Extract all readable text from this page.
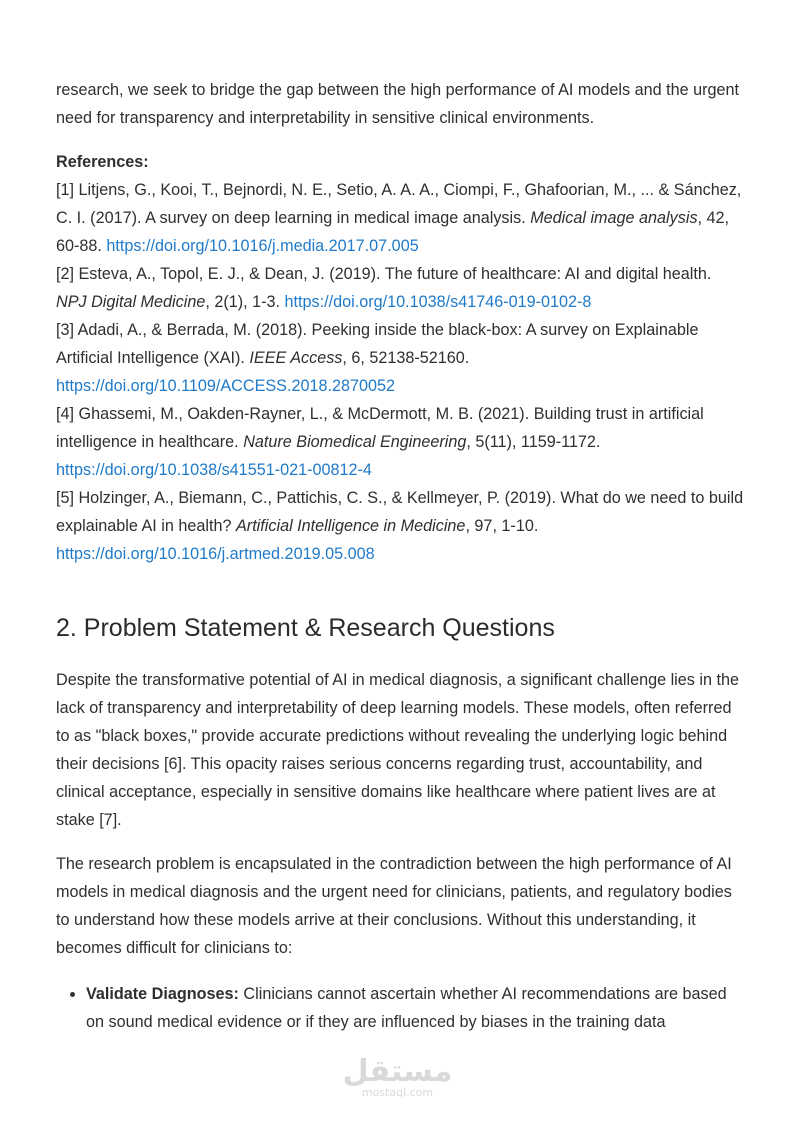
research, we seek to bridge the gap between the high performance of AI models and the urgent need for transparency and interpretability in sensitive clinical environments.

References:

[1] Litjens, G., Kooi, T., Bejnordi, N. E., Setio, A. A. A., Ciompi, F., Ghafoorian, M., ... & Sánchez, C. I. (2017). A survey on deep learning in medical image analysis. Medical image analysis, 42, 60-88. https://doi.org/10.1016/j.media.2017.07.005

[2] Esteva, A., Topol, E. J., & Dean, J. (2019). The future of healthcare: AI and digital health. NPJ Digital Medicine, 2(1), 1-3. https://doi.org/10.1038/s41746-019-0102-8

[3] Adadi, A., & Berrada, M. (2018). Peeking inside the black-box: A survey on Explainable Artificial Intelligence (XAI). IEEE Access, 6, 52138-52160.
https://doi.org/10.1109/ACCESS.2018.2870052

[4] Ghassemi, M., Oakden-Rayner, L., & McDermott, M. B. (2021). Building trust in artificial intelligence in healthcare. Nature Biomedical Engineering, 5(11), 1159-1172.
https://doi.org/10.1038/s41551-021-00812-4

[5] Holzinger, A., Biemann, C., Pattichis, C. S., & Kellmeyer, P. (2019). What do we need to build explainable AI in health? Artificial Intelligence in Medicine, 97, 1-10.
https://doi.org/10.1016/j.artmed.2019.05.008

2. Problem Statement & Research Questions

Despite the transformative potential of AI in medical diagnosis, a significant challenge lies in the lack of transparency and interpretability of deep learning models. These models, often referred to as "black boxes," provide accurate predictions without revealing the underlying logic behind their decisions [6]. This opacity raises serious concerns regarding trust, accountability, and clinical acceptance, especially in sensitive domains like healthcare where patient lives are at stake [7].

The research problem is encapsulated in the contradiction between the high performance of AI models in medical diagnosis and the urgent need for clinicians, patients, and regulatory bodies to understand how these models arrive at their conclusions. Without this understanding, it becomes difficult for clinicians to:

• Validate Diagnoses: Clinicians cannot ascertain whether AI recommendations are based on sound medical evidence or if they are influenced by biases in the training data
مستقل
mostaql.com
